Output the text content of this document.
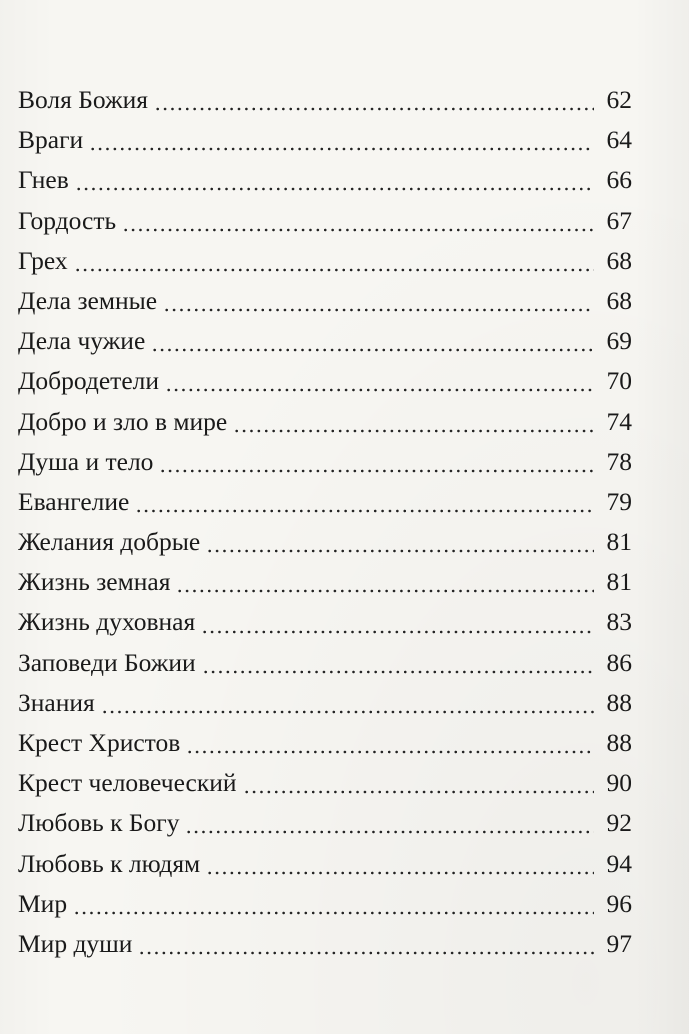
Воля Божия	62
Враги	64
Гнев	66
Гордость	67
Грех	68
Дела земные	68
Дела чужие	69
Добродетели	70
Добро и зло в мире	74
Душа и тело	78
Евангелие	79
Желания добрые	81
Жизнь земная	81
Жизнь духовная	83
Заповеди Божии	86
Знания	88
Крест Христов	88
Крест человеческий	90
Любовь к Богу	92
Любовь к людям	94
Мир	96
Мир души	97
